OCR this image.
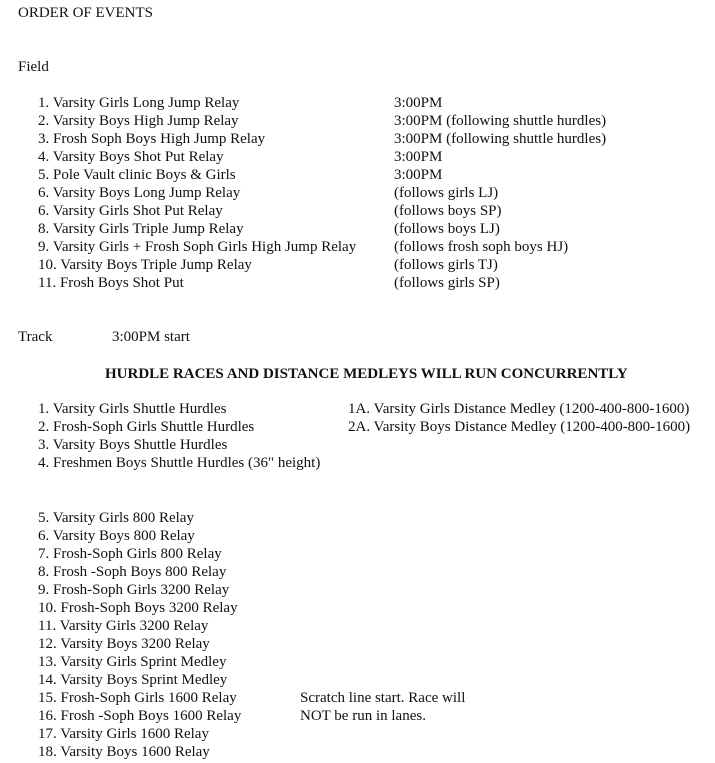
ORDER OF EVENTS
Field
1. Varsity Girls Long Jump Relay	3:00PM
2. Varsity Boys High Jump Relay	3:00PM (following shuttle hurdles)
3. Frosh Soph Boys High Jump Relay	3:00PM (following shuttle hurdles)
4. Varsity Boys Shot Put Relay	3:00PM
5. Pole Vault clinic Boys & Girls	3:00PM
6. Varsity Boys Long Jump Relay	(follows girls LJ)
6. Varsity Girls Shot Put Relay	(follows boys SP)
8. Varsity Girls Triple Jump Relay	(follows boys LJ)
9. Varsity Girls + Frosh Soph Girls High Jump Relay	(follows frosh soph boys HJ)
10. Varsity Boys Triple Jump Relay	(follows girls TJ)
11. Frosh Boys Shot Put	(follows girls SP)
Track	3:00PM start
HURDLE RACES AND DISTANCE MEDLEYS WILL RUN CONCURRENTLY
1. Varsity Girls Shuttle Hurdles	1A. Varsity Girls Distance Medley (1200-400-800-1600)
2. Frosh-Soph Girls Shuttle Hurdles	2A. Varsity Boys Distance Medley (1200-400-800-1600)
3. Varsity Boys Shuttle Hurdles
4. Freshmen Boys Shuttle Hurdles (36" height)
5. Varsity Girls 800 Relay
6. Varsity Boys 800 Relay
7. Frosh-Soph Girls 800 Relay
8. Frosh -Soph Boys 800 Relay
9. Frosh-Soph Girls 3200 Relay
10. Frosh-Soph Boys 3200 Relay
11. Varsity Girls 3200 Relay
12. Varsity Boys 3200 Relay
13. Varsity Girls Sprint Medley
14. Varsity Boys Sprint Medley
15. Frosh-Soph Girls 1600 Relay	Scratch line start. Race will
16. Frosh -Soph Boys 1600 Relay	NOT be run in lanes.
17. Varsity Girls 1600 Relay
18. Varsity Boys 1600 Relay
